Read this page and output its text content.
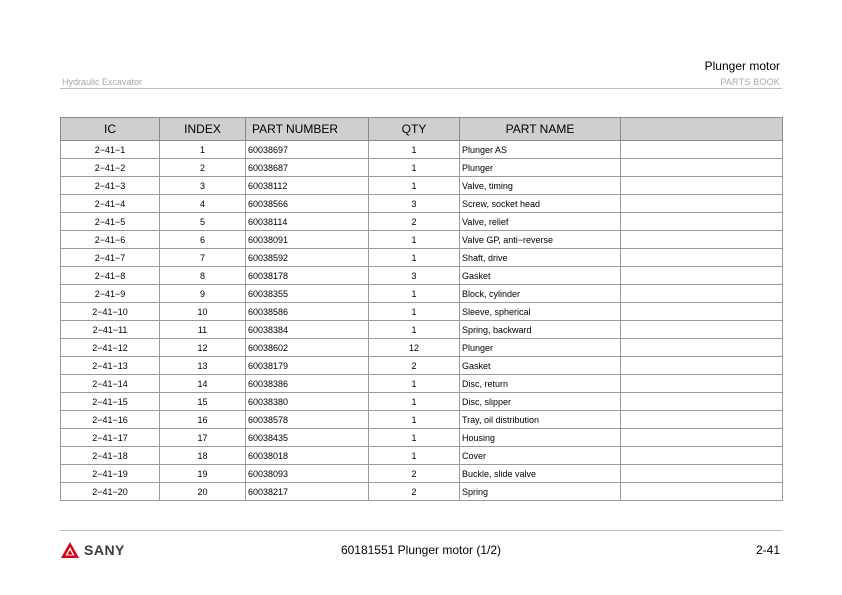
Plunger motor
Hydraulic Excavator	PARTS BOOK
IC	INDEX	PART NUMBER	QTY	PART NAME	
2−41−1	1	60038697	1	Plunger AS	
2−41−2	2	60038687	1	Plunger	
2−41−3	3	60038112	1	Valve, timing	
2−41−4	4	60038566	3	Screw, socket head	
2−41−5	5	60038114	2	Valve, relief	
2−41−6	6	60038091	1	Valve GP, anti−reverse	
2−41−7	7	60038592	1	Shaft, drive	
2−41−8	8	60038178	3	Gasket	
2−41−9	9	60038355	1	Block, cylinder	
2−41−10	10	60038586	1	Sleeve, spherical	
2−41−11	11	60038384	1	Spring, backward	
2−41−12	12	60038602	12	Plunger	
2−41−13	13	60038179	2	Gasket	
2−41−14	14	60038386	1	Disc, return	
2−41−15	15	60038380	1	Disc, slipper	
2−41−16	16	60038578	1	Tray, oil distribution	
2−41−17	17	60038435	1	Housing	
2−41−18	18	60038018	1	Cover	
2−41−19	19	60038093	2	Buckle, slide valve	
2−41−20	20	60038217	2	Spring	
SANY	60181551 Plunger motor (1/2)	2-41
